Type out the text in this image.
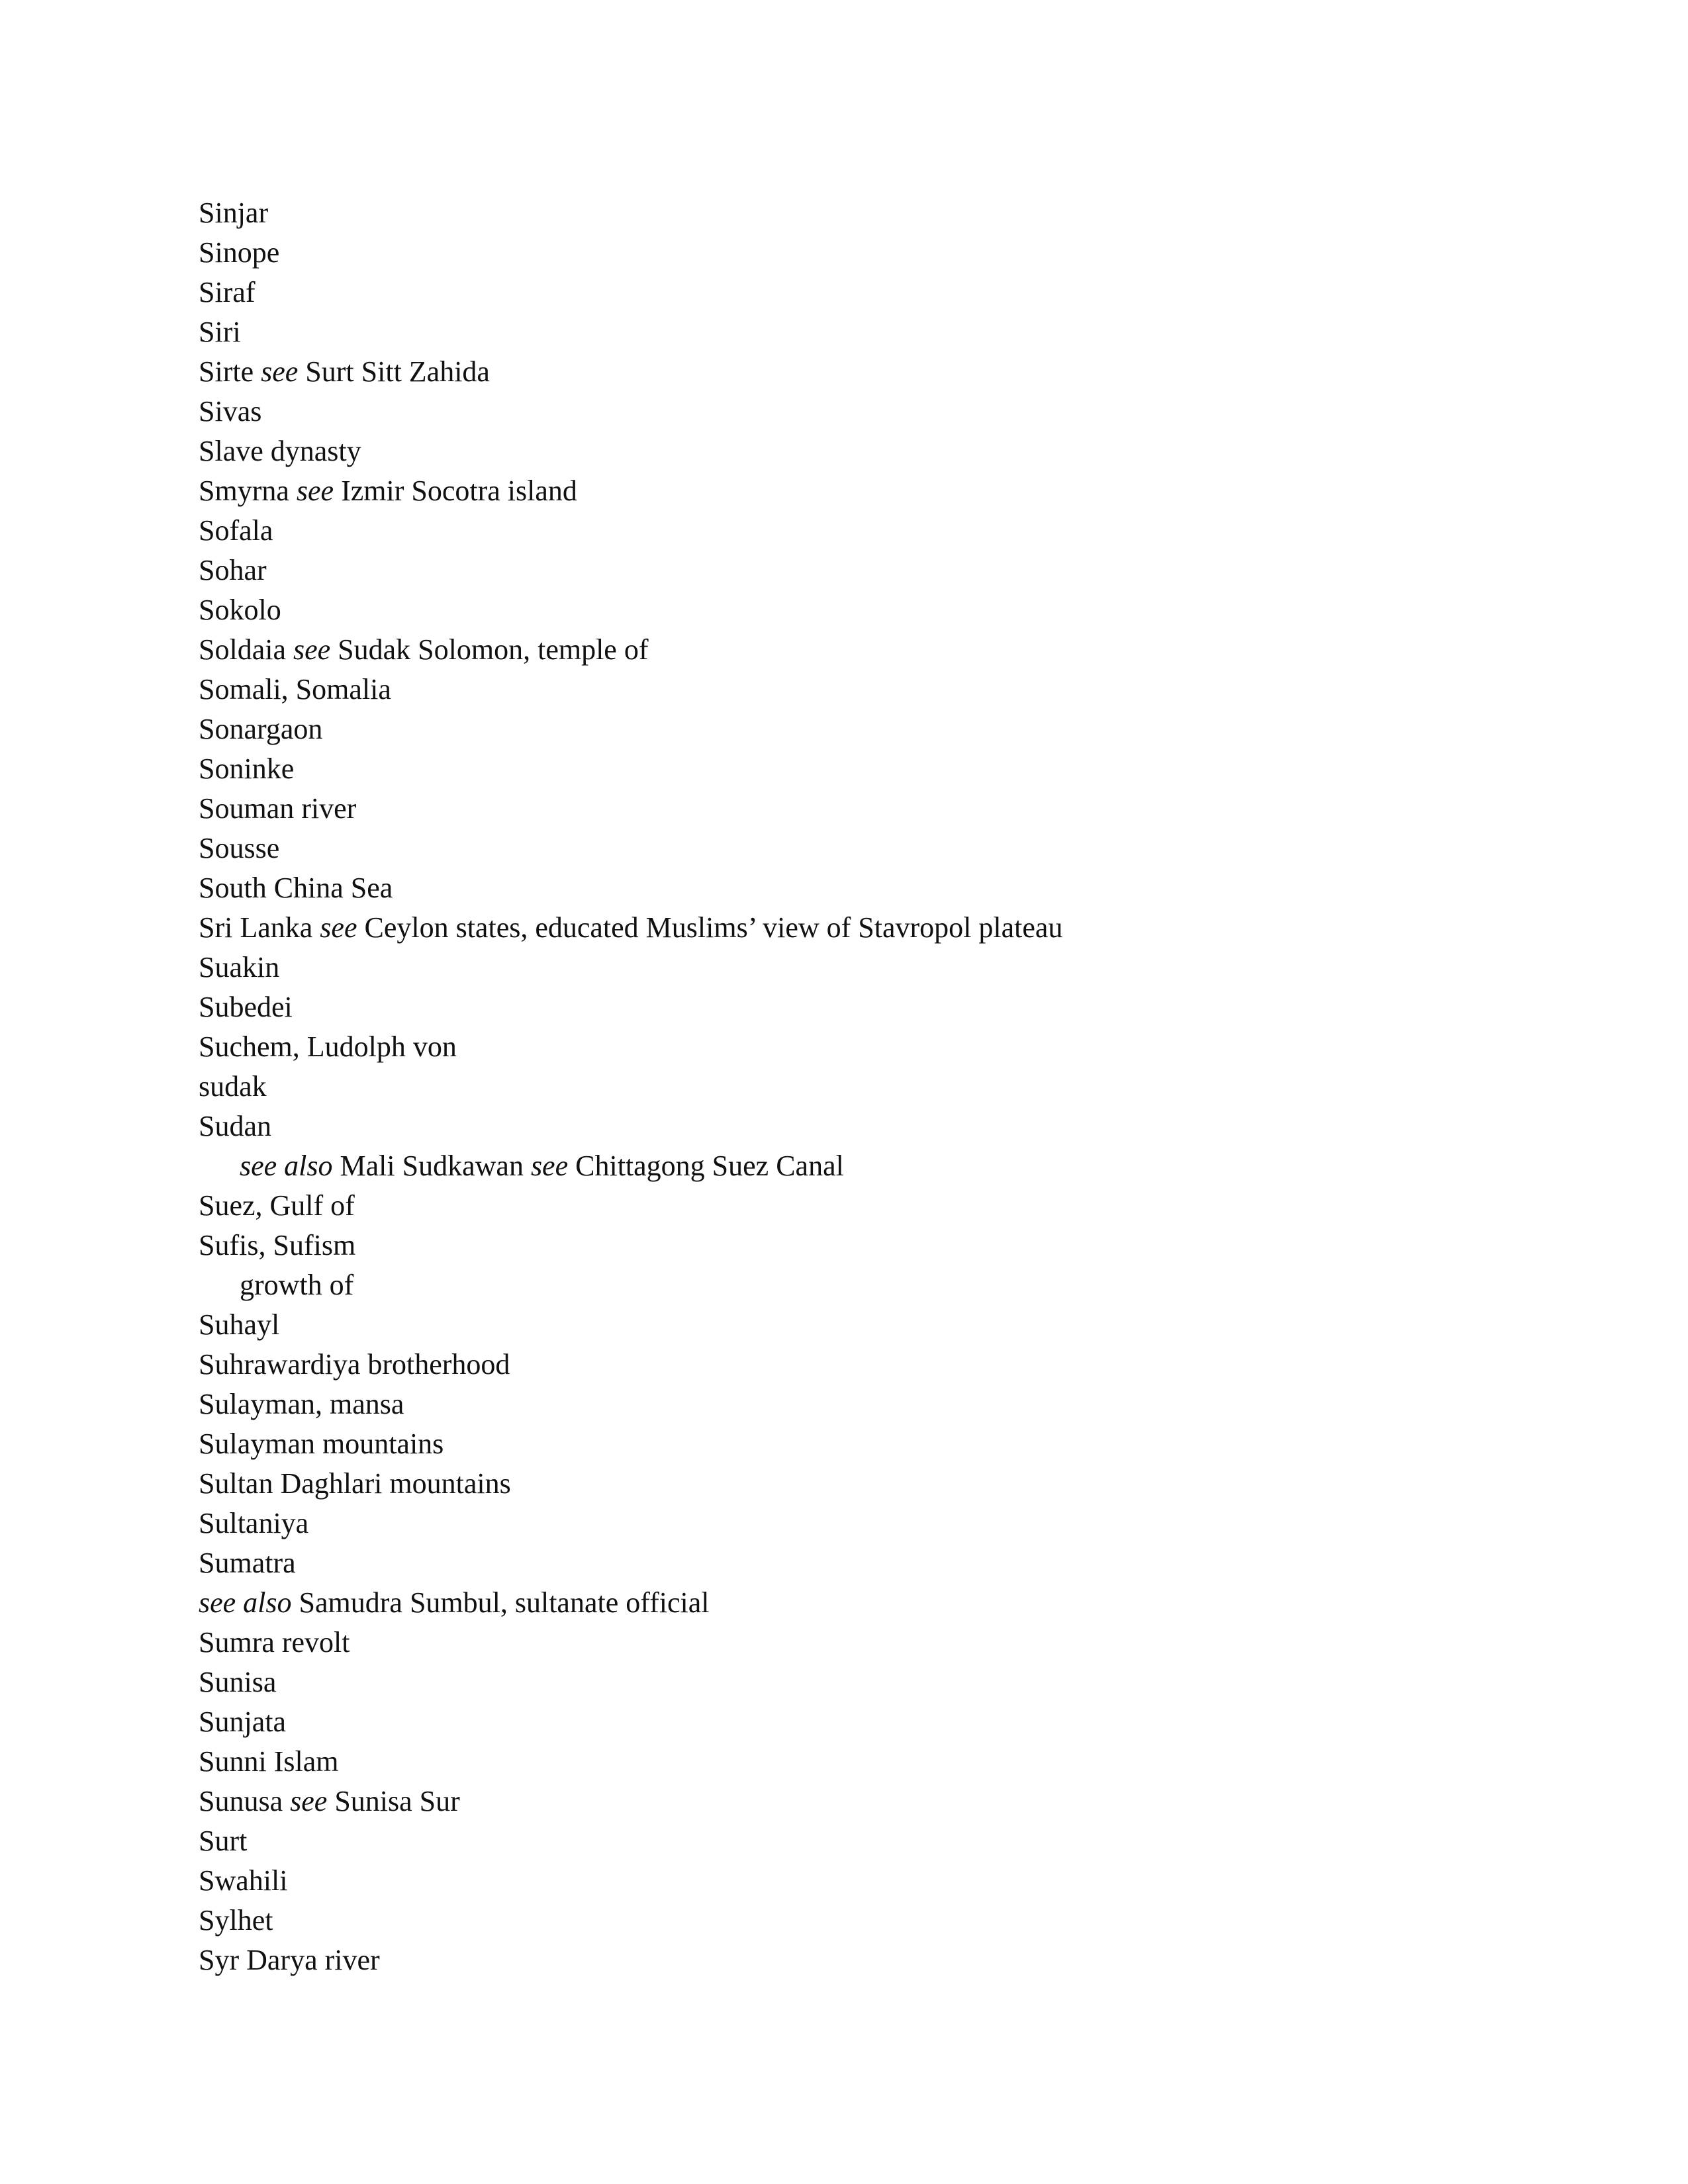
Sinjar
Sinope
Siraf
Siri
Sirte see Surt Sitt Zahida
Sivas
Slave dynasty
Smyrna see Izmir Socotra island
Sofala
Sohar
Sokolo
Soldaia see Sudak Solomon, temple of
Somali, Somalia
Sonargaon
Soninke
Souman river
Sousse
South China Sea
Sri Lanka see Ceylon states, educated Muslims’ view of Stavropol plateau
Suakin
Subedei
Suchem, Ludolph von
sudak
Sudan
see also Mali Sudkawan see Chittagong Suez Canal
Suez, Gulf of
Sufis, Sufism
growth of
Suhayl
Suhrawardiya brotherhood
Sulayman, mansa
Sulayman mountains
Sultan Daghlari mountains
Sultaniya
Sumatra
see also Samudra Sumbul, sultanate official
Sumra revolt
Sunisa
Sunjata
Sunni Islam
Sunusa see Sunisa Sur
Surt
Swahili
Sylhet
Syr Darya river
